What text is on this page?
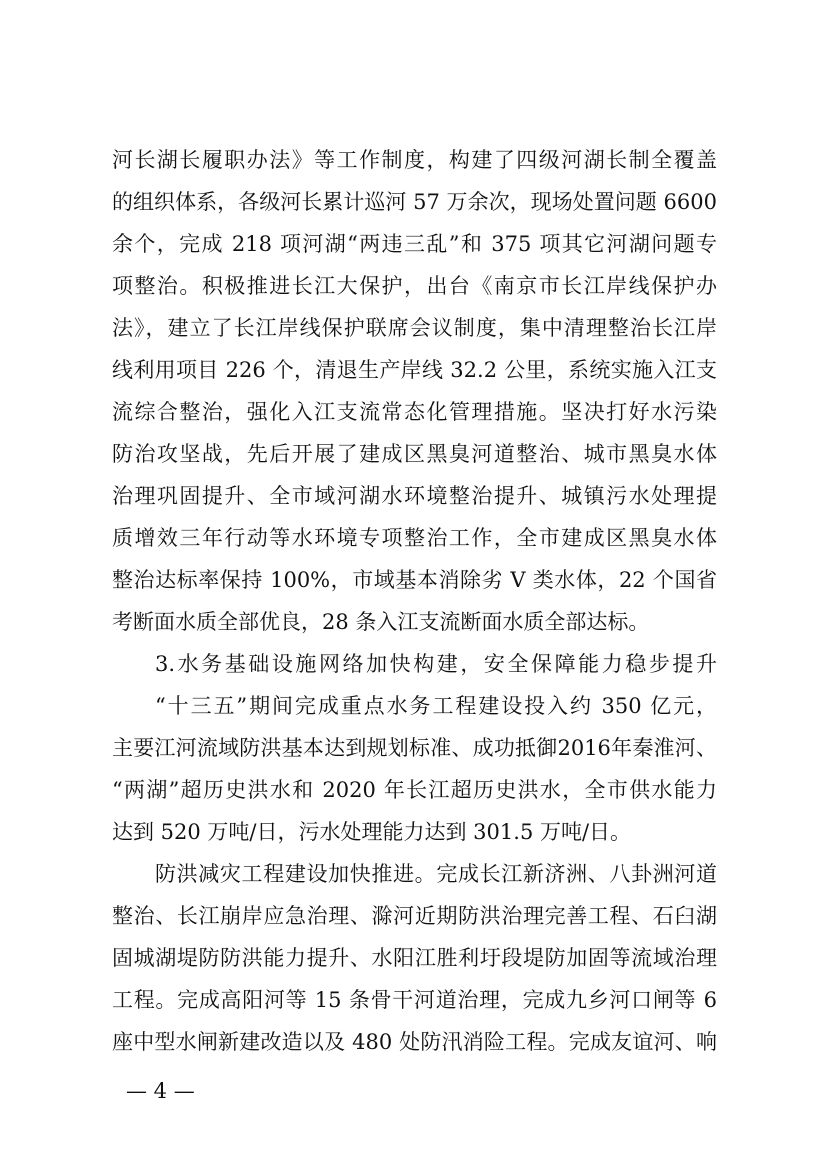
河长湖长履职办法》等工作制度，构建了四级河湖长制全覆盖
的组织体系，各级河长累计巡河 57 万余次，现场处置问题 6600
余个，完成 218 项河湖“两违三乱”和 375 项其它河湖问题专
项整治。积极推进长江大保护，出台《南京市长江岸线保护办
法》，建立了长江岸线保护联席会议制度，集中清理整治长江岸
线利用项目 226 个，清退生产岸线 32.2 公里，系统实施入江支
流综合整治，强化入江支流常态化管理措施。坚决打好水污染
防治攻坚战，先后开展了建成区黑臭河道整治、城市黑臭水体
治理巩固提升、全市域河湖水环境整治提升、城镇污水处理提
质增效三年行动等水环境专项整治工作，全市建成区黑臭水体
整治达标率保持 100%，市域基本消除劣 V 类水体，22 个国省
考断面水质全部优良，28 条入江支流断面水质全部达标。
3.水务基础设施网络加快构建，安全保障能力稳步提升
“十三五”期间完成重点水务工程建设投入约 350 亿元，
主要江河流域防洪基本达到规划标准、成功抵御2016年秦淮河、
“两湖”超历史洪水和 2020 年长江超历史洪水，全市供水能力
达到 520 万吨/日，污水处理能力达到 301.5 万吨/日。
防洪减灾工程建设加快推进。完成长江新济洲、八卦洲河道
整治、长江崩岸应急治理、滁河近期防洪治理完善工程、石臼湖
固城湖堤防防洪能力提升、水阳江胜利圩段堤防加固等流域治理
工程。完成高阳河等 15 条骨干河道治理，完成九乡河口闸等 6
座中型水闸新建改造以及 480 处防汛消险工程。完成友谊河、响
— 4 —
